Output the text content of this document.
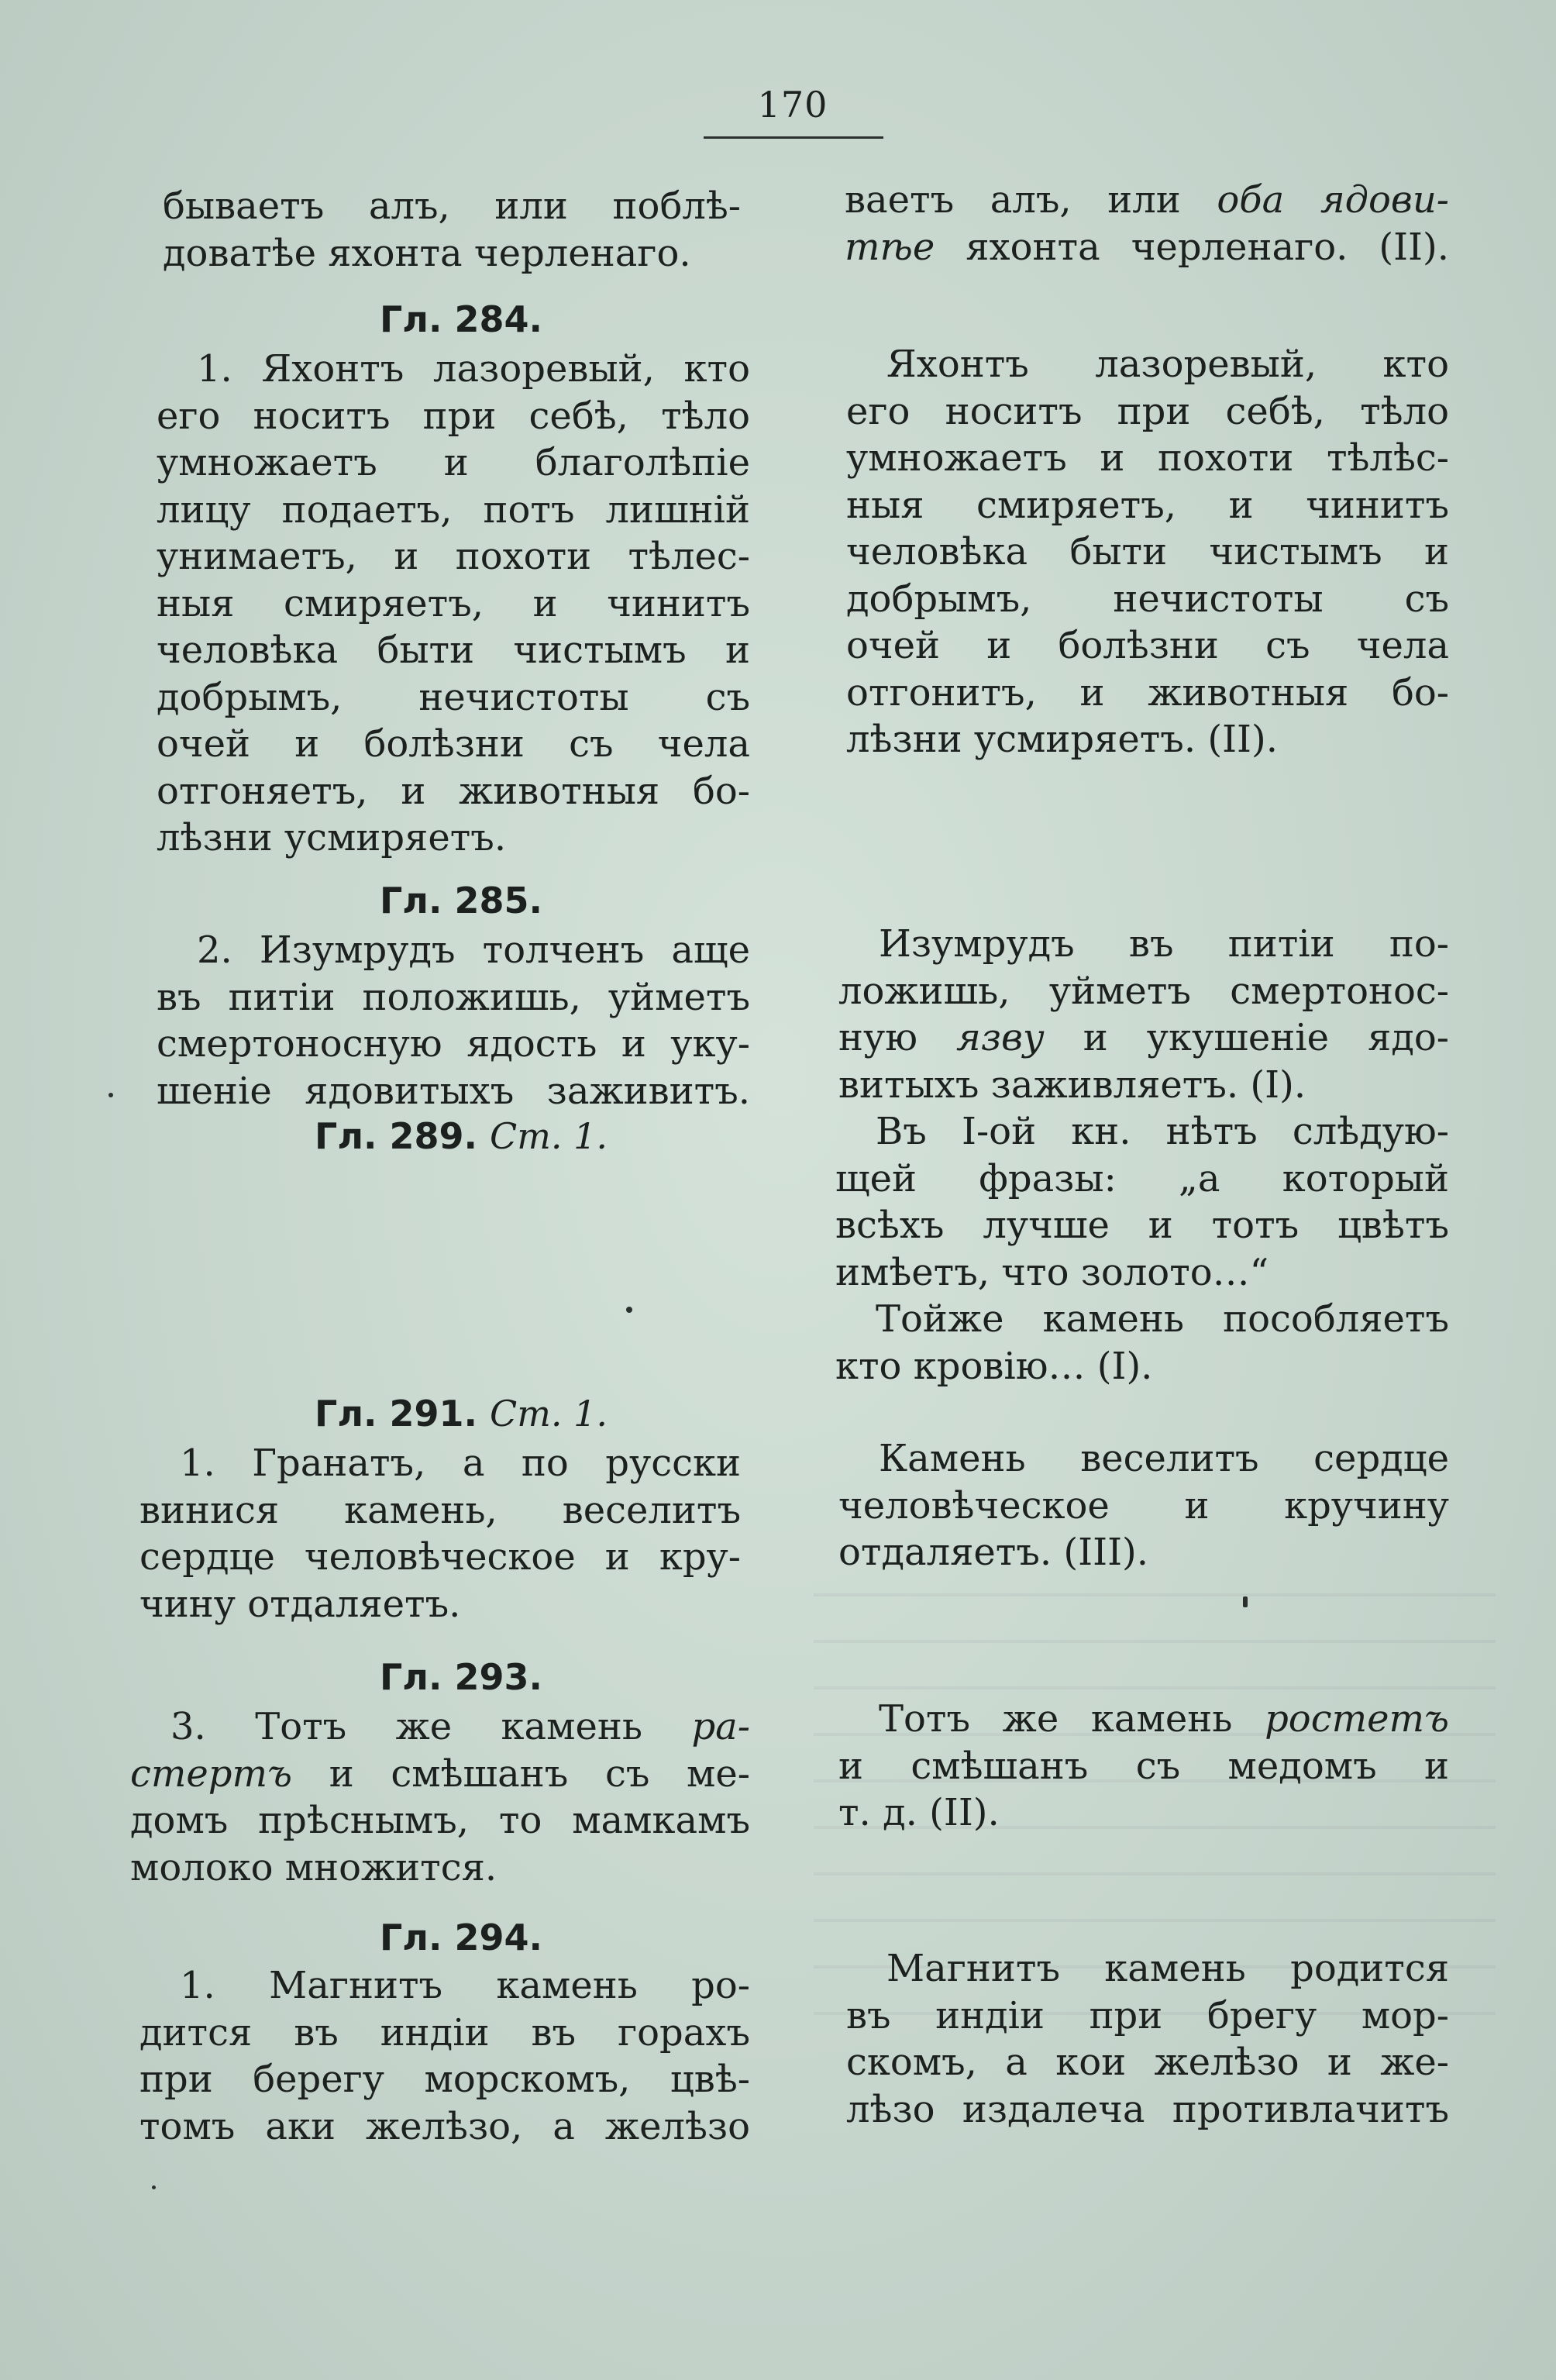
170
бываетъ алъ, или поблѣ-
доватѣе яхонта черленаго.
Гл. 284.
1. Яхонтъ лазоревый, кто
его носитъ при себѣ, тѣло
умножаетъ и благолѣпіе
лицу подаетъ, потъ лишній
унимаетъ, и похоти тѣлес-
ныя смиряетъ, и чинитъ
человѣка быти чистымъ и
добрымъ, нечистоты съ
очей и болѣзни съ чела
отгоняетъ, и животныя бо-
лѣзни усмиряетъ.
Гл. 285.
2. Изумрудъ толченъ аще
въ питіи положишь, уйметъ
смертоносную ядость и уку-
шеніе ядовитыхъ заживитъ.
Гл. 289. Ст. 1.
Гл. 291. Ст. 1.
1. Гранатъ, а по русски
винися камень, веселитъ
сердце человѣческое и кру-
чину отдаляетъ.
Гл. 293.
3. Тотъ же камень ра-
стертъ и смѣшанъ съ ме-
домъ прѣснымъ, то мамкамъ
молоко множится.
Гл. 294.
1. Магнитъ камень ро-
дится въ индіи въ горахъ
при берегу морскомъ, цвѣ-
томъ аки желѣзо, а желѣзо
ваетъ алъ, или оба ядови-
тѣе яхонта черленаго. (II).
Яхонтъ лазоревый, кто
его носитъ при себѣ, тѣло
умножаетъ и похоти тѣлѣс-
ныя смиряетъ, и чинитъ
человѣка быти чистымъ и
добрымъ, нечистоты съ
очей и болѣзни съ чела
отгонитъ, и животныя бо-
лѣзни усмиряетъ. (II).
Изумрудъ въ питіи по-
ложишь, уйметъ смертонос-
ную язву и укушеніе ядо-
витыхъ заживляетъ. (I).
Въ I-ой кн. нѣтъ слѣдую-
щей фразы: „а который
всѣхъ лучше и тотъ цвѣтъ
имѣетъ, что золото…“
Тойже камень пособляетъ
кто кровію… (I).
Камень веселитъ сердце
человѣческое и кручину
отдаляетъ. (III).
Тотъ же камень ростетъ
и смѣшанъ съ медомъ и
т. д. (II).
Магнитъ камень родится
въ индіи при брегу мор-
скомъ, а кои желѣзо и же-
лѣзо издалеча противлачитъ
